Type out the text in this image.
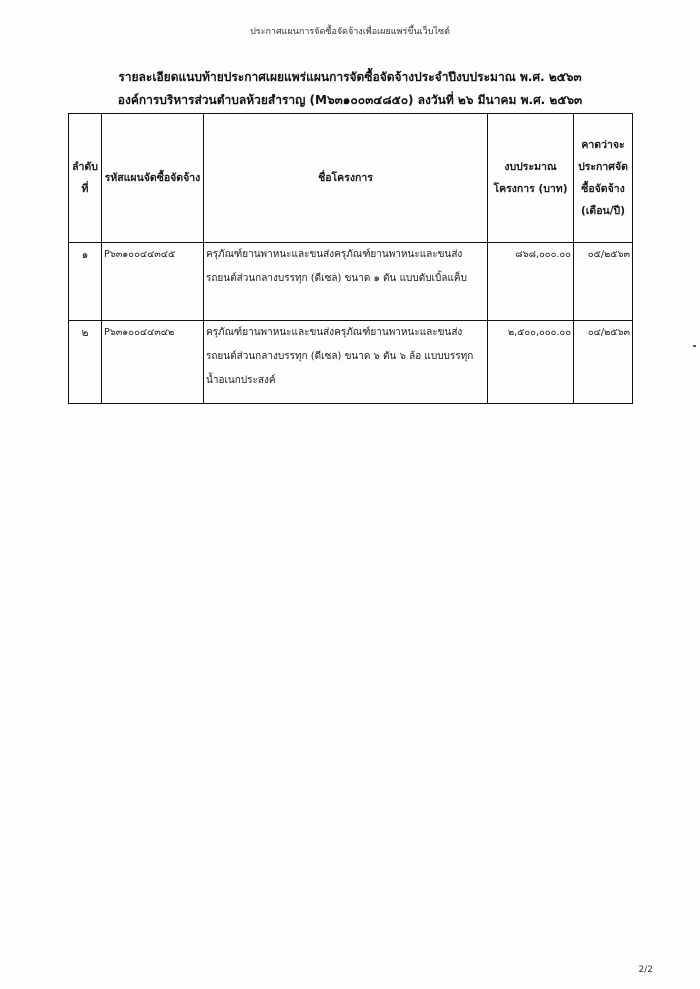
ประกาศแผนการจัดซื้อจัดจ้างเพื่อเผยแพร่ขึ้นเว็บไซต์
รายละเอียดแนบท้ายประกาศเผยแพร่แผนการจัดซื้อจัดจ้างประจำปีงบประมาณ พ.ศ. ๒๕๖๓
องค์การบริหารส่วนตำบลห้วยสำราญ (M๖๓๑๐๐๓๔๘๕๐) ลงวันที่ ๒๖ มีนาคม พ.ศ. ๒๕๖๓
ลำดับที่	รหัสแผนจัดซื้อจัดจ้าง	ชื่อโครงการ	งบประมาณโครงการ (บาท)	คาดว่าจะประกาศจัดซื้อจัดจ้าง (เดือน/ปี)
๑	P๖๓๑๐๐๔๔๓๔๕	ครุภัณฑ์ยานพาหนะและขนส่งครุภัณฑ์ยานพาหนะและขนส่ง รถยนต์ส่วนกลางบรรทุก (ดีเซล) ขนาด ๑ ตัน แบบดับเบิ้ลแค็บ	๘๖๘,๐๐๐.๐๐	๐๕/๒๕๖๓
๒	P๖๓๑๐๐๔๔๓๔๒	ครุภัณฑ์ยานพาหนะและขนส่งครุภัณฑ์ยานพาหนะและขนส่ง รถยนต์ส่วนกลางบรรทุก (ดีเซล) ขนาด ๖ ตัน ๖ ล้อ แบบบรรทุกน้ำอเนกประสงค์	๒,๕๐๐,๐๐๐.๐๐	๐๔/๒๕๖๓
2/2
